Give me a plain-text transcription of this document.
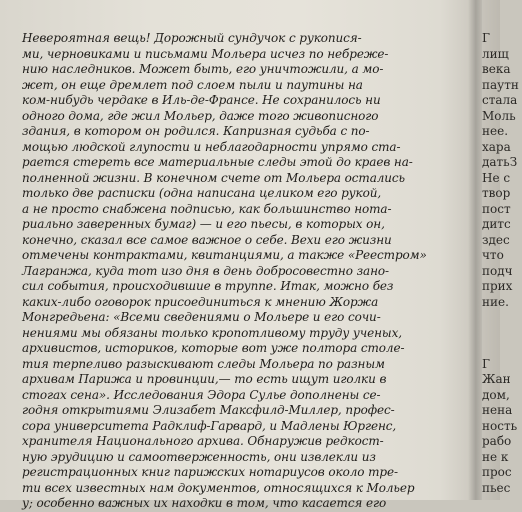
Невероятная вещь! Дорожный сундучок с рукопися-
ми, черновиками и письмами Мольера исчез по небреже-
нию наследников. Может быть, его уничтожили, а мо-
жет, он еще дремлет под слоем пыли и паутины на
ком-нибудь чердаке в Иль-де-Франсе. Не сохранилось ни
одного дома, где жил Мольер, даже того живописного
здания, в котором он родился. Капризная судьба с по-
мощью людской глупости и неблагодарности упрямо ста-
рается стереть все материальные следы этой до краев на-
полненной жизни. В конечном счете от Мольера остались
только две расписки (одна написана целиком его рукой,
а не просто снабжена подписью, как большинство нота-
риально заверенных бумаг) — и его пьесы, в которых он,
конечно, сказал все самое важное о себе. Вехи его жизни
отмечены контрактами, квитанциями, а также «Реестром»
Лагранжа, куда тот изо дня в день добросовестно зано-
сил события, происходившие в труппе. Итак, можно без
каких-либо оговорок присоединиться к мнению Жоржа
Монгредьена: «Всеми сведениями о Мольере и его сочи-
нениями мы обязаны только кропотливому труду ученых,
архивистов, историков, которые вот уже полтора столе-
тия терпеливо разыскивают следы Мольера по разным
архивам Парижа и провинции,— то есть ищут иголки в
стогах сена». Исследования Эдора Сулье дополнены се-
годня открытиями Элизабет Максфилд-Миллер, профес-
сора университета Радклиф-Гарвард, и Мадлены Юргенс,
хранителя Национального архива. Обнаружив редкост-
ную эрудицию и самоотверженность, они извлекли из
регистрационных книг парижских нотариусов около тре-
ти всех известных нам документов, относящихся к Мольер
у; особенно важных их находки в том, что касается его
Г
лищ
века
паутн
стала
Моль
нее.
хара
датьЗ
Не с
твор
пост
дитс
здес
что
подч
прих
ние.
Г
Жан
дом,
нена
ность
рабо
не к
прос
пьес
